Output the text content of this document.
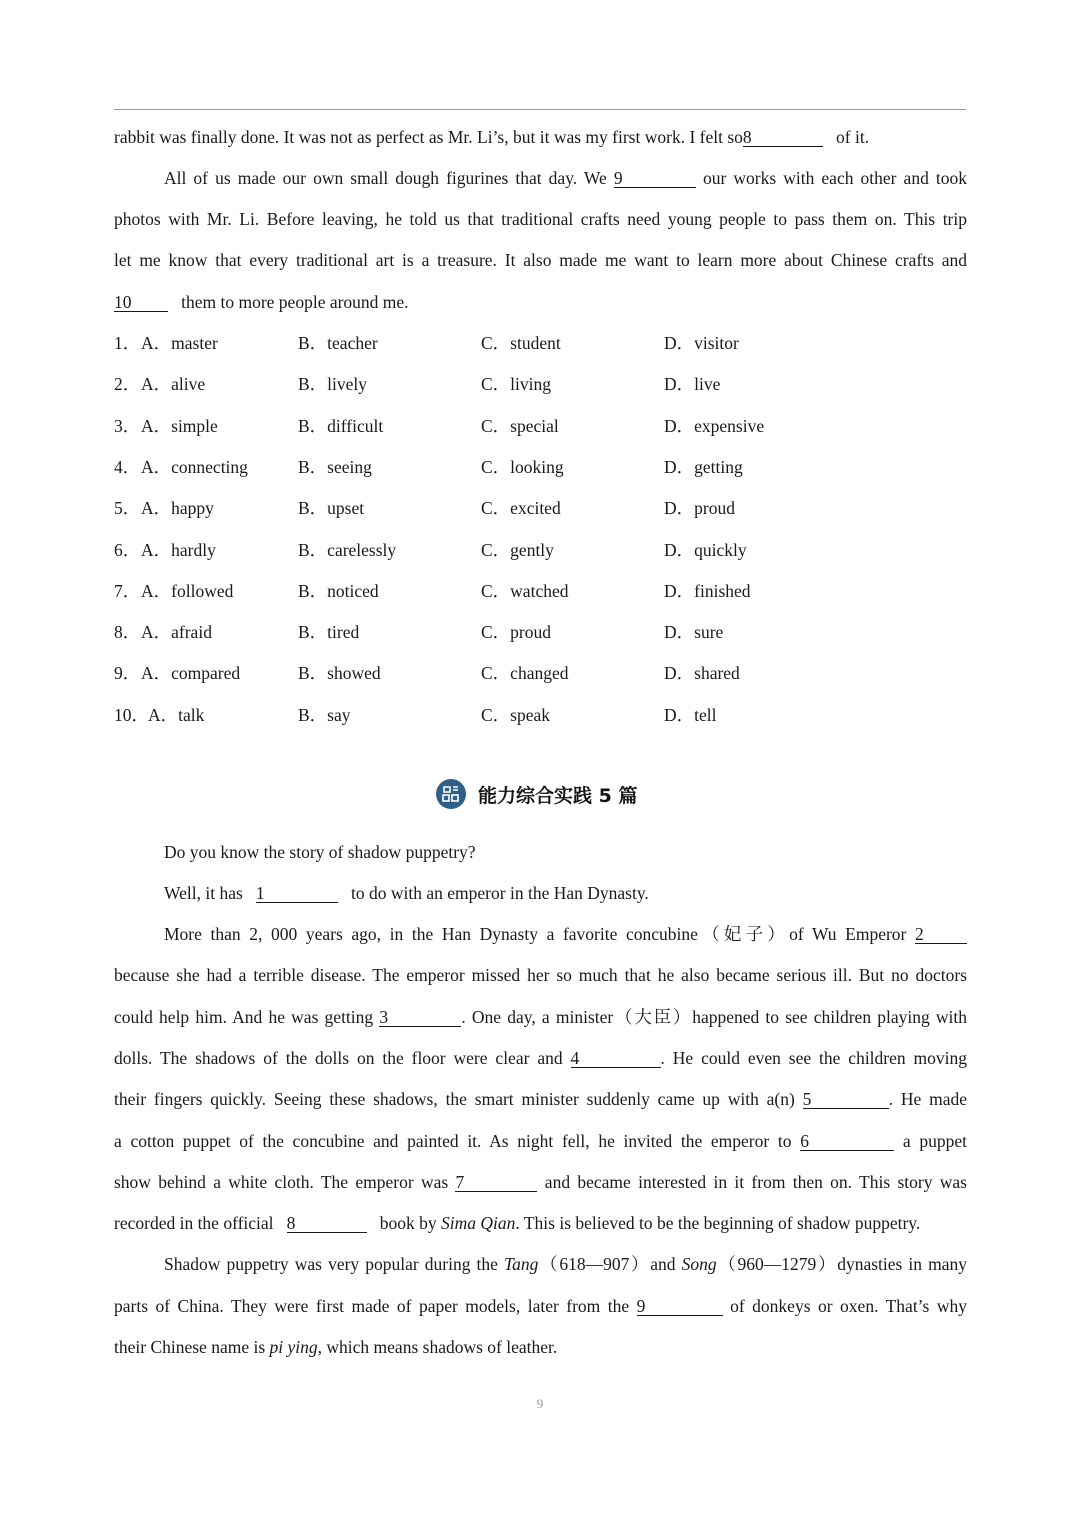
rabbit was finally done. It was not as perfect as Mr. Li’s, but it was my first work. I felt so8	of it.
All of us made our own small dough figurines that day. We 9	our works with each other and took
photos with Mr. Li. Before leaving, he told us that traditional crafts need young people to pass them on. This trip
let me know that every traditional art is a treasure. It also made me want to learn more about Chinese crafts and
10	them to more people around me.
1． A．master	B．teacher	C．student	D．visitor
2． A．alive	B．lively	C．living	D．live
3． A．simple	B．difficult	C．special	D．expensive
4． A．connecting	B．seeing	C．looking	D．getting
5． A．happy	B．upset	C．excited	D．proud
6． A．hardly	B．carelessly	C．gently	D．quickly
7． A．followed	B．noticed	C．watched	D．finished
8． A．afraid	B．tired	C．proud	D．sure
9． A．compared	B．showed	C．changed	D．shared
10． A．talk	B．say	C．speak	D．tell
能力综合实践 5 篇
Do you know the story of shadow puppetry?
Well, it has 1	to do with an emperor in the Han Dynasty.
More than 2, 000 years ago, in the Han Dynasty a favorite concubine（妃子）of Wu Emperor 2
because she had a terrible disease. The emperor missed her so much that he also became serious ill. But no doctors
could help him. And he was getting 3	. One day, a minister（大臣）happened to see children playing with
dolls. The shadows of the dolls on the floor were clear and 4	. He could even see the children moving
their fingers quickly. Seeing these shadows, the smart minister suddenly came up with a(n) 5	. He made
a cotton puppet of the concubine and painted it. As night fell, he invited the emperor to 6	a puppet
show behind a white cloth. The emperor was 7	and became interested in it from then on. This story was
recorded in the official 8	book by Sima Qian. This is believed to be the beginning of shadow puppetry.
Shadow puppetry was very popular during the Tang（618—907）and Song（960—1279）dynasties in many
parts of China. They were first made of paper models, later from the 9	of donkeys or oxen. That’s why
their Chinese name is pi ying, which means shadows of leather.
9
